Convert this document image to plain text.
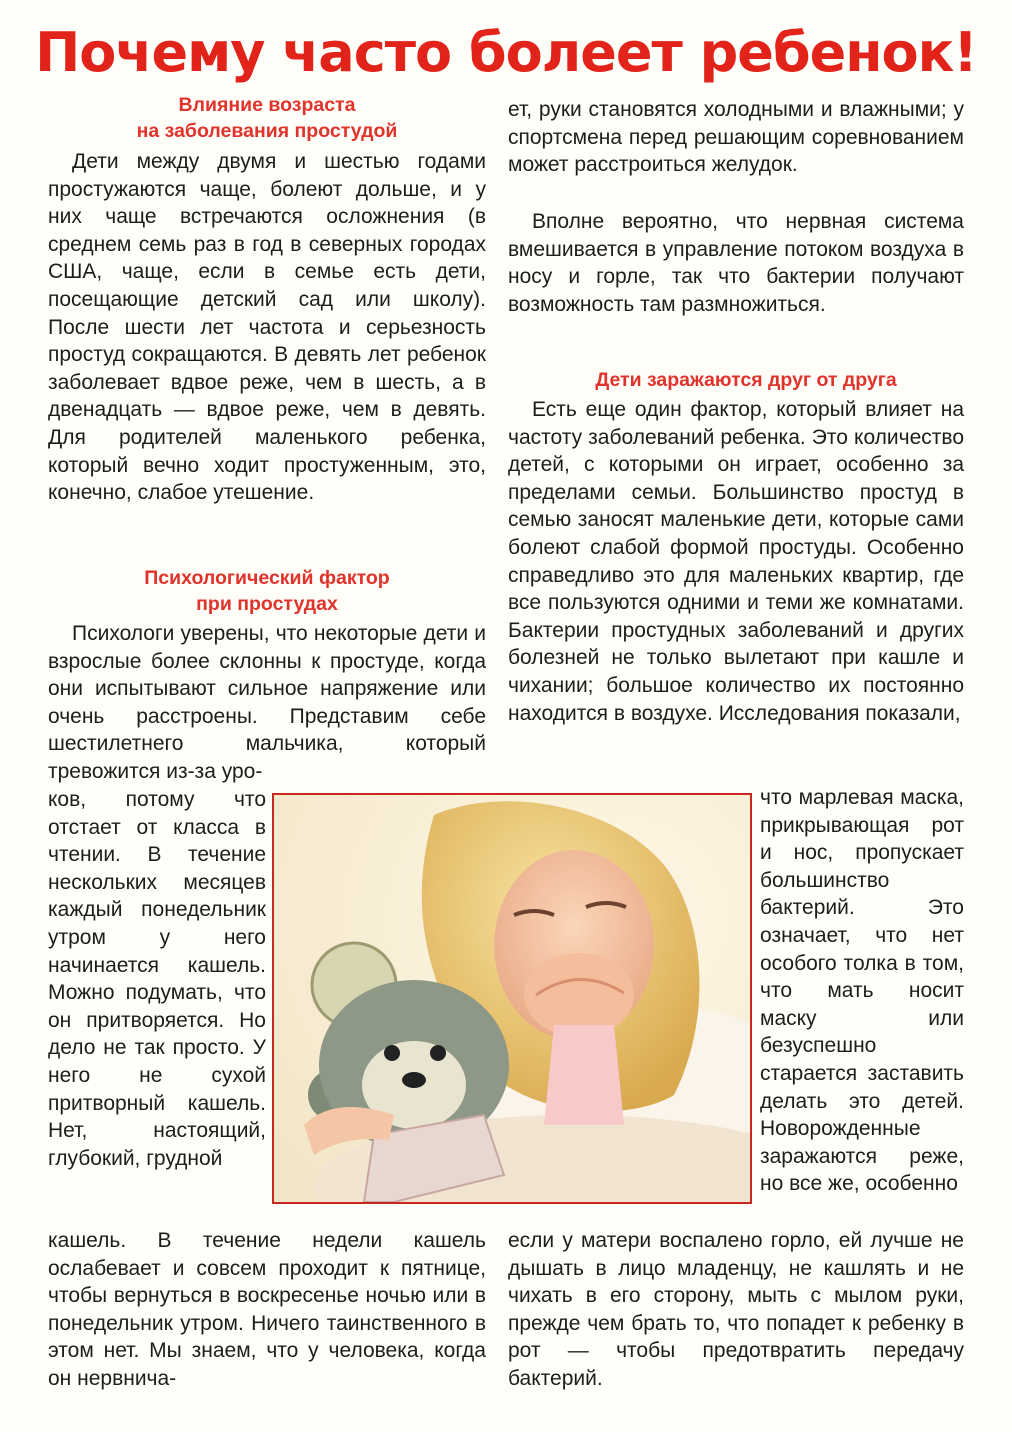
Почему часто болеет ребенок!
Влияние возраста
на заболевания простудой

Дети между двумя и шестью годами простужаются чаще, болеют дольше, и у них чаще встречаются осложнения (в среднем семь раз в год в северных городах США, чаще, если в семье есть дети, посещающие детский сад или школу). После шести лет частота и серьезность простуд сокращаются. В девять лет ребенок заболевает вдвое реже, чем в шесть, а в двенадцать — вдвое реже, чем в девять. Для родителей маленького ребенка, который вечно ходит простуженным, это, конечно, слабое утешение.

Психологический фактор
при простудах

Психологи уверены, что некоторые дети и взрослые более склонны к простуде, когда они испытывают сильное напряжение или очень расстроены. Представим себе шестилетнего мальчика, который тревожится из-за уро-

ков, потому что отстает от класса в чтении. В течение нескольких месяцев каждый понедельник утром у него начинается кашель. Можно подумать, что он притворяется. Но дело не так просто. У него не сухой притворный кашель. Нет, настоящий, глубокий, грудной

кашель. В течение недели кашель ослабевает и совсем проходит к пятнице, чтобы вернуться в воскресенье ночью или в понедельник утром. Ничего таинственного в этом нет. Мы знаем, что у человека, когда он нервнича-

ет, руки становятся холодными и влажными; у спортсмена перед решающим соревнованием может расстроиться желудок.

Вполне вероятно, что нервная система вмешивается в управление потоком воздуха в носу и горле, так что бактерии получают возможность там размножиться.

Дети заражаются друг от друга

Есть еще один фактор, который влияет на частоту заболеваний ребенка. Это количество детей, с которыми он играет, особенно за пределами семьи. Большинство простуд в семью заносят маленькие дети, которые сами болеют слабой формой простуды. Особенно справедливо это для маленьких квартир, где все пользуются одними и теми же комнатами. Бактерии простудных заболеваний и других болезней не только вылетают при кашле и чихании; большое количество их постоянно находится в воздухе. Исследования показали,

что марлевая маска, прикрывающая рот и нос, пропускает большинство бактерий. Это означает, что нет особого толка в том, что мать носит маску или безуспешно старается заставить делать это детей. Новорожденные заражаются реже, но все же, особенно

если у матери воспалено горло, ей лучше не дышать в лицо младенцу, не кашлять и не чихать в его сторону, мыть с мылом руки, прежде чем брать то, что попадет к ребенку в рот — чтобы предотвратить передачу бактерий.
